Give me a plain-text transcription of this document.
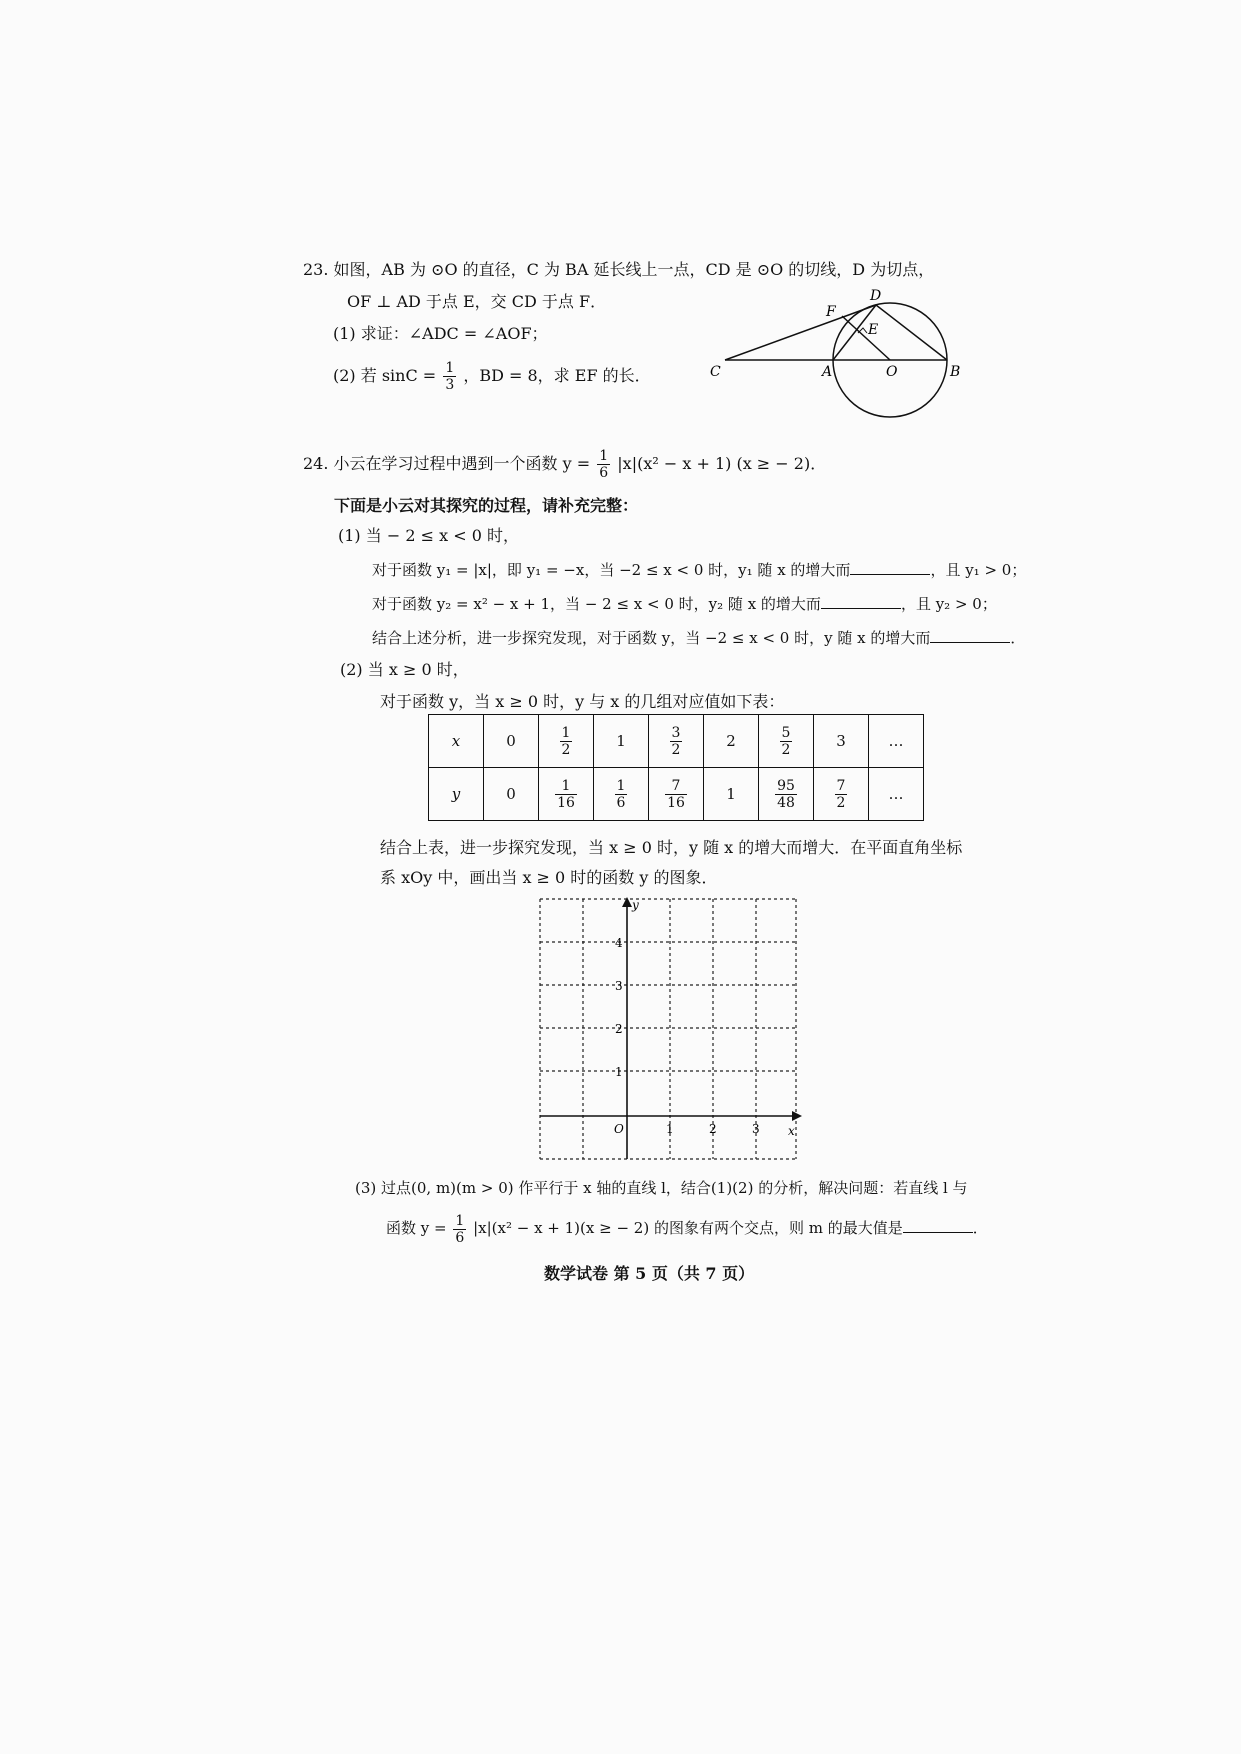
23. 如图，AB 为 ⊙O 的直径，C 为 BA 延长线上一点，CD 是 ⊙O 的切线，D 为切点，
OF ⊥ AD 于点 E，交 CD 于点 F．
(1) 求证：∠ADC = ∠AOF；
(2) 若 $\sin C = \frac{1}{3}$ ，BD = 8，求 EF 的长．
F
D
E
C	A	O	B
24. 小云在学习过程中遇到一个函数 $y = \frac{1}{6} |x|(x^2 - x + 1) (x$ ≥ − 2)．
下面是小云对其探究的过程，请补充完整：
(1) 当 − 2 ≤ x < 0 时，
对于函数 y₁ = |x|，即 y₁ = −x，当 −2 ≤ x < 0 时，y₁ 随 x 的增大而	，且 y₁ > 0；
对于函数 y₂ = x² − x + 1，当 − 2 ≤ x < 0 时，y₂ 随 x 的增大而	，且 y₂ > 0；
结合上述分析，进一步探究发现，对于函数 y，当 −2 ≤ x < 0 时，y 随 x 的增大而	．
(2) 当 x ≥ 0 时，
对于函数 y，当 x ≥ 0 时，y 与 x 的几组对应值如下表：
x	0	$\frac{1}{2}$	1	$\frac{3}{2}$	2	$\frac{5}{2}$	3	…
y	0	$\frac{1}{16}$	$\frac{1}{6}$	$\frac{7}{16}$	1	$\frac{95}{48}$	$\frac{7}{2}$	…
结合上表，进一步探究发现，当 x ≥ 0 时，y 随 x 的增大而增大．在平面直角坐标
系 xOy 中，画出当 x ≥ 0 时的函数 y 的图象．
y
x
O
4
3
2
1
1	2	3
(3) 过点(0, m)(m > 0) 作平行于 x 轴的直线 l，结合(1)(2) 的分析，解决问题：若直线 l 与
函数 $y = \frac{1}{6} |x|(x^2 - x + 1)(x$ ≥ − 2) 的图象有两个交点，则 m 的最大值是	．
数学试卷 第 5 页（共 7 页）
